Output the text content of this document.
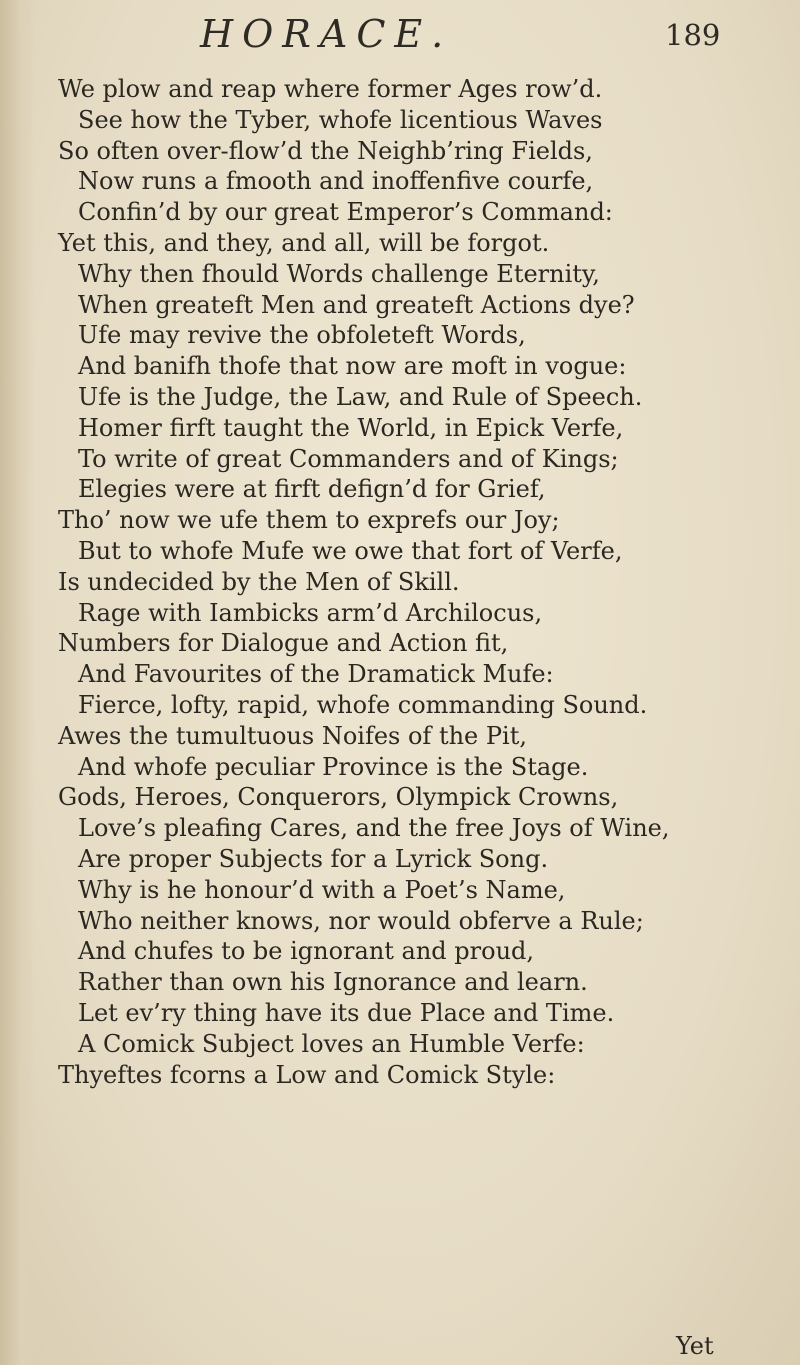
HORACE.	189
We plow and reap where former Ages row’d.
See how the Tyber, whofe licentious Waves
So often over-flow’d the Neighb’ring Fields,
Now runs a fmooth and inoffenfive courfe,
Confin’d by our great Emperor’s Command:
Yet this, and they, and all, will be forgot.
Why then fhould Words challenge Eternity,
When greateft Men and greateft Actions dye?
Ufe may revive the obfoleteft Words,
And banifh thofe that now are moft in vogue:
Ufe is the Judge, the Law, and Rule of Speech.
Homer firft taught the World, in Epick Verfe,
To write of great Commanders and of Kings;
Elegies were at firft defign’d for Grief,
Tho’ now we ufe them to exprefs our Joy;
But to whofe Mufe we owe that fort of Verfe,
Is undecided by the Men of Skill.
Rage with Iambicks arm’d Archilocus,
Numbers for Dialogue and Action fit,
And Favourites of the Dramatick Mufe:
Fierce, lofty, rapid, whofe commanding Sound.
Awes the tumultuous Noifes of the Pit,
And whofe peculiar Province is the Stage.
Gods, Heroes, Conquerors, Olympick Crowns,
Love’s pleafing Cares, and the free Joys of Wine,
Are proper Subjects for a Lyrick Song.
Why is he honour’d with a Poet’s Name,
Who neither knows, nor would obferve a Rule;
And chufes to be ignorant and proud,
Rather than own his Ignorance and learn.
Let ev’ry thing have its due Place and Time.
A Comick Subject loves an Humble Verfe:
Thyeftes fcorns a Low and Comick Style:
Yet
